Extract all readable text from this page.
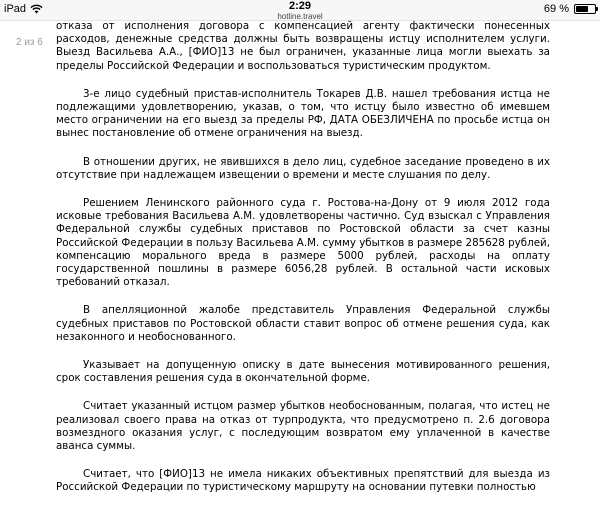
iPad	2:29
hotline.travel
69 %
2 из 6

отказа от исполнения договора с компенсацией агенту фактически понесенных расходов, денежные средства должны быть возвращены истцу исполнителем услуги. Выезд Васильева А.А., [ФИО]13 не был ограничен, указанные лица могли выехать за пределы Российской Федерации и воспользоваться туристическим продуктом.

3-е лицо судебный пристав-исполнитель Токарев Д.В. нашел требования истца не подлежащими удовлетворению, указав, о том, что истцу было известно об имевшем место ограничении на его выезд за пределы РФ, ДАТА ОБЕЗЛИЧЕНА по просьбе истца он вынес постановление об отмене ограничения на выезд.

В отношении других, не явившихся в дело лиц, судебное заседание проведено в их отсутствие при надлежащем извещении о времени и месте слушания по делу.

Решением Ленинского районного суда г. Ростова-на-Дону от 9 июля 2012 года исковые требования Васильева А.М. удовлетворены частично. Суд взыскал с Управления Федеральной службы судебных приставов по Ростовской области за счет казны Российской Федерации в пользу Васильева А.М. сумму убытков в размере 285628 рублей, компенсацию морального вреда в размере 5000 рублей, расходы на оплату государственной пошлины в размере 6056,28 рублей. В остальной части исковых требований отказал.

В апелляционной жалобе представитель Управления Федеральной службы судебных приставов по Ростовской области ставит вопрос об отмене решения суда, как незаконного и необоснованного.

Указывает на допущенную описку в дате вынесения мотивированного решения, срок составления решения суда в окончательной форме.

Считает указанный истцом размер убытков необоснованным, полагая, что истец не реализовал своего права на отказ от турпродукта, что предусмотрено п. 2.6 договора возмездного оказания услуг, с последующим возвратом ему уплаченной в качестве аванса суммы.

Считает, что [ФИО]13 не имела никаких объективных препятствий для выезда из Российской Федерации по туристическому маршруту на основании путевки полностью
